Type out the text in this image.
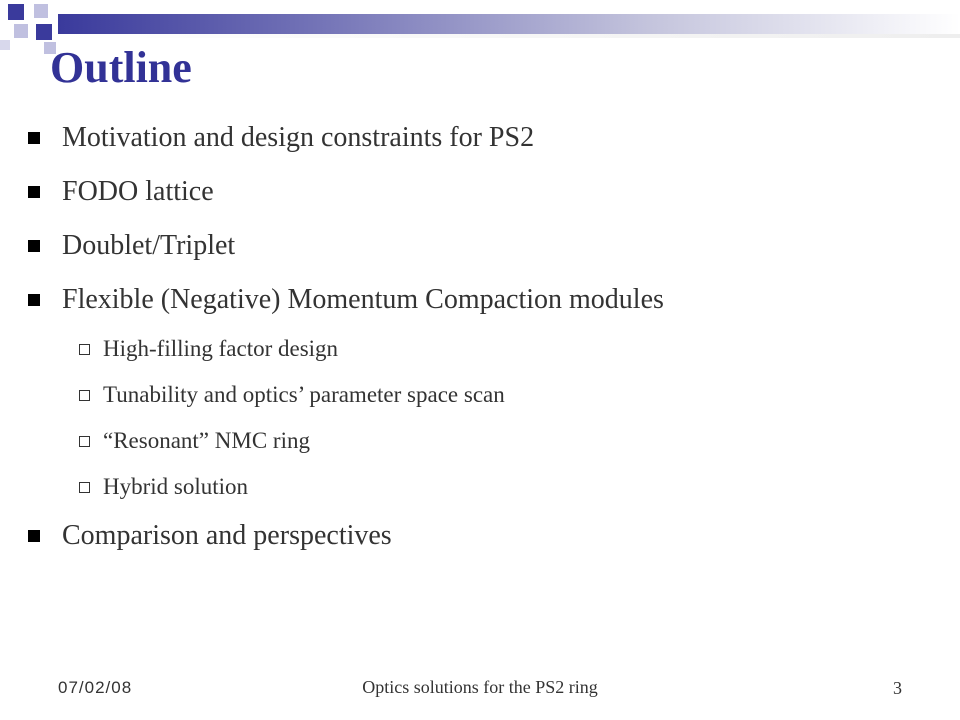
Outline
Motivation and design constraints for PS2
FODO lattice
Doublet/Triplet
Flexible (Negative) Momentum Compaction modules
High-filling factor design
Tunability and optics’ parameter space scan
“Resonant” NMC ring
Hybrid solution
Comparison and perspectives
07/02/08	Optics solutions for the PS2 ring	3
